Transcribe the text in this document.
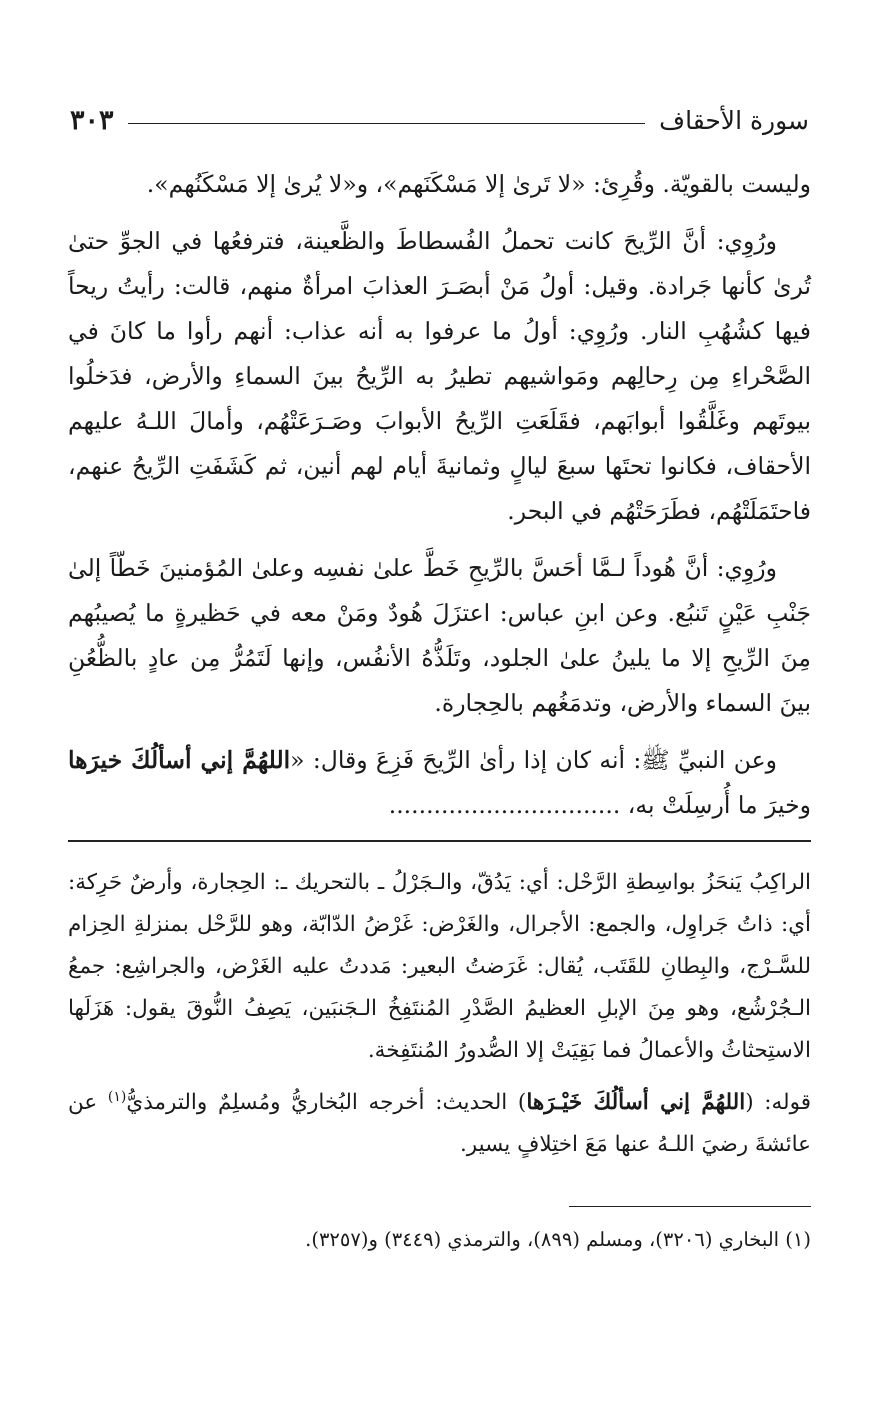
سورة الأحقاف
٣٠٣

وليست بالقويّة. وقُرِئ: «لا تَرىٰ إلا مَسْكَنَهم»، و«لا يُرىٰ إلا مَسْكَنُهم».

ورُوِي: أنَّ الرِّيحَ كانت تحملُ الفُسطاطَ والظَّعينة، فترفعُها في الجوِّ حتىٰ تُرىٰ كأنها جَرادة. وقيل: أولُ مَنْ أبصَـرَ العذابَ امرأةٌ منهم، قالت: رأيتُ ريحاً فيها كشُهُبِ النار. ورُوِي: أولُ ما عرفوا به أنه عذاب: أنهم رأوا ما كانَ في الصَّحْراءِ مِن رِحالِهم ومَواشيهم تطيرُ به الرِّيحُ بينَ السماءِ والأرض، فدَخلُوا بيوتَهم وغَلَّقُوا أبوابَهم، فقَلَعَتِ الرِّيحُ الأبوابَ وصَـرَعَتْهُم، وأمالَ اللـهُ عليهم الأحقاف، فكانوا تحتَها سبعَ ليالٍ وثمانيةَ أيام لهم أنين، ثم كَشَفَتِ الرِّيحُ عنهم، فاحتَمَلَتْهُم، فطَرَحَتْهُم في البحر.

ورُوِي: أنَّ هُوداً لـمَّا أحَسَّ بالرِّيحِ خَطَّ علىٰ نفسِه وعلىٰ المُؤمنينَ خَطّاً إلىٰ جَنْبِ عَيْنٍ تَنبُع. وعن ابنِ عباس: اعتزَلَ هُودٌ ومَنْ معه في حَظيرةٍ ما يُصيبُهم مِنَ الرِّيحِ إلا ما يلينُ علىٰ الجلود، وتَلَذُّهُ الأنفُس، وإنها لَتَمُرُّ مِن عادٍ بالظُّعُنِ بينَ السماء والأرض، وتدمَغُهم بالحِجارة.

وعن النبيِّ ﷺ: أنه كان إذا رأىٰ الرِّيحَ فَزِعَ وقال: «اللهُمَّ إني أسألُكَ خيرَها وخيرَ ما أُرسِلَتْ به، ...............................

الراكِبُ يَنحَزُ بواسِطةِ الرَّحْل: أي: يَدُقّ، والـجَرْلُ ـ بالتحريك ـ: الحِجارة، وأرضٌ حَرِكة: أي: ذاتُ جَراوِل، والجمع: الأجرال، والغَرْض: غَرْضُ الدّابّة، وهو للرَّحْل بمنزلةِ الحِزام للسَّـرْج، والبِطانِ للقَتَب، يُقال: غَرَضتُ البعير: مَددتُ عليه الغَرْض، والجراشِع: جمعُ الـجُرْشُع، وهو مِنَ الإبلِ العظيمُ الصَّدْرِ المُنتَفِخُ الـجَنبَين، يَصِفُ النُّوقَ يقول: هَزَلَها الاستِحثاثُ والأعمالُ فما بَقِيَتْ إلا الصُّدورُ المُنتَفِخة.

قوله: (اللهُمَّ إني أسألُكَ خَيْـرَها) الحديث: أخرجه البُخاريُّ ومُسلِمٌ والترمذيُّ$^{(١)}$ عن عائشةَ رضيَ اللـهُ عنها مَعَ اختِلافٍ يسير.

(١) البخاري (٣٢٠٦)، ومسلم (٨٩٩)، والترمذي (٣٤٤٩) و(٣٢٥٧).
